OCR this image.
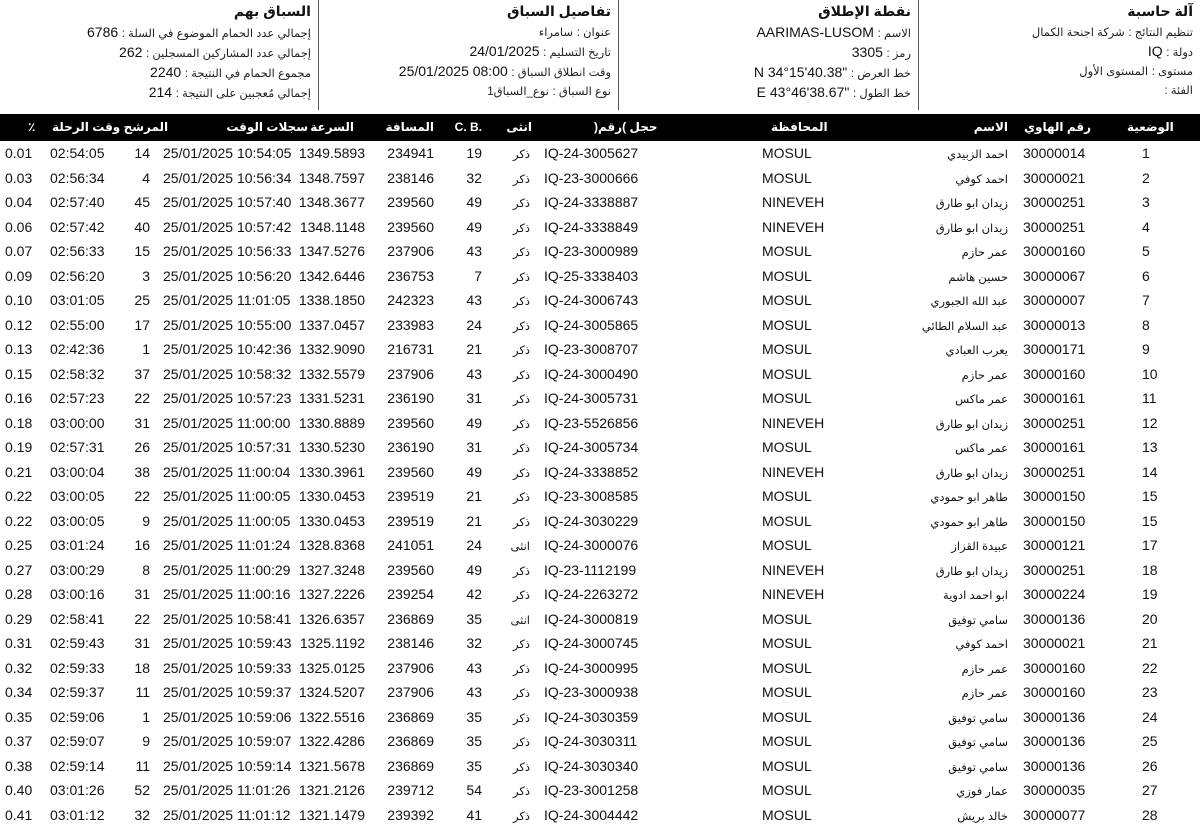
آلة حاسبة
تنظيم النتائج : شركة اجنحة الكمال
دولة : IQ
مستوى : المستوى الأول
الفئة :
نقطة الإطلاق
الاسم : AARIMAS-LUSOM
رمز : 3305
خط العرض : N 34°15'40.38"
خط الطول : E 43°46'38.67"
تفاصيل السباق
عنوان : سامراء
تاريخ التسليم : 24/01/2025
وقت انطلاق السباق : 25/01/2025 08:00
نوع السباق : نوع_السباق1
السباق بهم
إجمالي عدد الحمام الموضوع في السلة : 6786
إجمالي عدد المشاركين المسجلين : 262
مجموع الحمام في النتيجة : 2240
إجمالي مُعجبين على النتيجة : 214
الوضعية
رقم الهاوي
الاسم
المحافظة
حجل )رقم(
انثى
C. B.
المسافة
السرعة
سجلات الوقت
المرشح وقت الرحلة
٪
1
30000014
احمد الزبيدي
MOSUL
IQ-24-3005627
ذكر
19
234941
1349.5893
25/01/2025 10:54:05
14
02:54:05
0.01
2
30000021
احمد كوفي
MOSUL
IQ-23-3000666
ذكر
32
238146
1348.7597
25/01/2025 10:56:34
4
02:56:34
0.03
3
30000251
زيدان ابو طارق
NINEVEH
IQ-24-3338887
ذكر
49
239560
1348.3677
25/01/2025 10:57:40
45
02:57:40
0.04
4
30000251
زيدان ابو طارق
NINEVEH
IQ-24-3338849
ذكر
49
239560
1348.1148
25/01/2025 10:57:42
40
02:57:42
0.06
5
30000160
عمر حازم
MOSUL
IQ-23-3000989
ذكر
43
237906
1347.5276
25/01/2025 10:56:33
15
02:56:33
0.07
6
30000067
حسين هاشم
MOSUL
IQ-25-3338403
ذكر
7
236753
1342.6446
25/01/2025 10:56:20
3
02:56:20
0.09
7
30000007
عبد الله الجبوري
MOSUL
IQ-24-3006743
ذكر
43
242323
1338.1850
25/01/2025 11:01:05
25
03:01:05
0.10
8
30000013
عبد السلام الطائي
MOSUL
IQ-24-3005865
ذكر
24
233983
1337.0457
25/01/2025 10:55:00
17
02:55:00
0.12
9
30000171
يعرب العبادي
MOSUL
IQ-23-3008707
ذكر
21
216731
1332.9090
25/01/2025 10:42:36
1
02:42:36
0.13
10
30000160
عمر حازم
MOSUL
IQ-24-3000490
ذكر
43
237906
1332.5579
25/01/2025 10:58:32
37
02:58:32
0.15
11
30000161
عمر ماكس
MOSUL
IQ-24-3005731
ذكر
31
236190
1331.5231
25/01/2025 10:57:23
22
02:57:23
0.16
12
30000251
زيدان ابو طارق
NINEVEH
IQ-23-5526856
ذكر
49
239560
1330.8889
25/01/2025 11:00:00
31
03:00:00
0.18
13
30000161
عمر ماكس
MOSUL
IQ-24-3005734
ذكر
31
236190
1330.5230
25/01/2025 10:57:31
26
02:57:31
0.19
14
30000251
زيدان ابو طارق
NINEVEH
IQ-24-3338852
ذكر
49
239560
1330.3961
25/01/2025 11:00:04
38
03:00:04
0.21
15
30000150
طاهر ابو حمودي
MOSUL
IQ-23-3008585
ذكر
21
239519
1330.0453
25/01/2025 11:00:05
22
03:00:05
0.22
15
30000150
طاهر ابو حمودي
MOSUL
IQ-24-3030229
ذكر
21
239519
1330.0453
25/01/2025 11:00:05
9
03:00:05
0.22
17
30000121
عبيدة القزاز
MOSUL
IQ-24-3000076
انثى
24
241051
1328.8368
25/01/2025 11:01:24
16
03:01:24
0.25
18
30000251
زيدان ابو طارق
NINEVEH
IQ-23-1112199
ذكر
49
239560
1327.3248
25/01/2025 11:00:29
8
03:00:29
0.27
19
30000224
ابو احمد ادوية
NINEVEH
IQ-24-2263272
ذكر
42
239254
1327.2226
25/01/2025 11:00:16
31
03:00:16
0.28
20
30000136
سامي توفيق
MOSUL
IQ-24-3000819
انثى
35
236869
1326.6357
25/01/2025 10:58:41
22
02:58:41
0.29
21
30000021
احمد كوفي
MOSUL
IQ-24-3000745
ذكر
32
238146
1325.1192
25/01/2025 10:59:43
31
02:59:43
0.31
22
30000160
عمر حازم
MOSUL
IQ-24-3000995
ذكر
43
237906
1325.0125
25/01/2025 10:59:33
18
02:59:33
0.32
23
30000160
عمر حازم
MOSUL
IQ-23-3000938
ذكر
43
237906
1324.5207
25/01/2025 10:59:37
11
02:59:37
0.34
24
30000136
سامي توفيق
MOSUL
IQ-24-3030359
ذكر
35
236869
1322.5516
25/01/2025 10:59:06
1
02:59:06
0.35
25
30000136
سامي توفيق
MOSUL
IQ-24-3030311
ذكر
35
236869
1322.4286
25/01/2025 10:59:07
9
02:59:07
0.37
26
30000136
سامي توفيق
MOSUL
IQ-24-3030340
ذكر
35
236869
1321.5678
25/01/2025 10:59:14
11
02:59:14
0.38
27
30000035
عمار فوزي
MOSUL
IQ-23-3001258
ذكر
54
239712
1321.2126
25/01/2025 11:01:26
52
03:01:26
0.40
28
30000077
خالد بريش
MOSUL
IQ-24-3004442
ذكر
41
239392
1321.1479
25/01/2025 11:01:12
32
03:01:12
0.41
